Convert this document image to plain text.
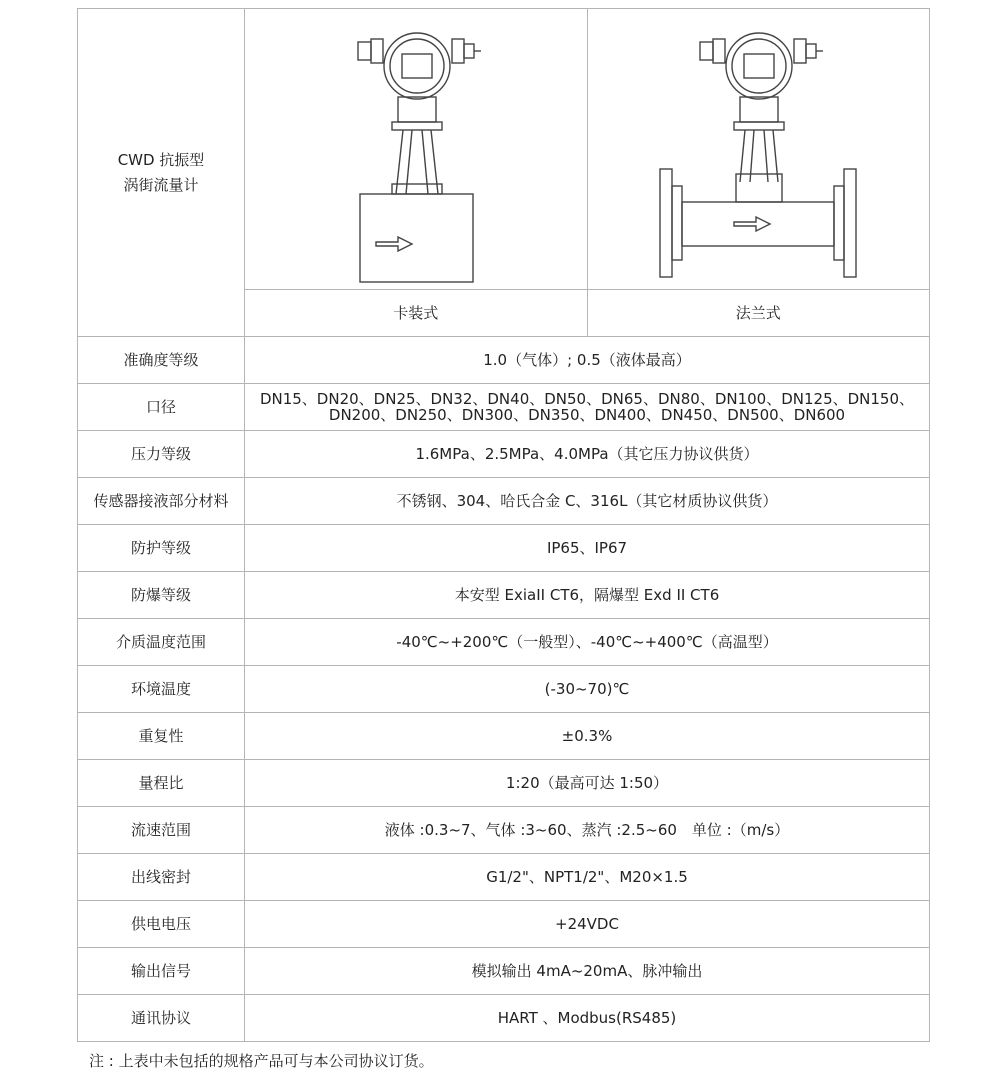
CWD 抗振型
涡街流量计

	卡装式	法兰式
准确度等级	1.0（气体）; 0.5（液体最高）	
口径	DN15、DN20、DN25、DN32、DN40、DN50、DN65、DN80、DN100、DN125、DN150、
DN200、DN250、DN300、DN350、DN400、DN450、DN500、DN600	

压力等级	1.6MPa、2.5MPa、4.0MPa（其它压力协议供货）	
传感器接液部分材料	不锈钢、304、哈氏合金 C、316L（其它材质协议供货）	
防护等级	IP65、IP67	
防爆等级	本安型 ExiaII CT6，隔爆型 Exd II CT6	
介质温度范围	-40℃~+200℃（一般型）、-40℃~+400℃（高温型）	
环境温度	(-30~70)℃	
重复性	±0.3%	
量程比	1:20（最高可达 1:50）	
流速范围	液体 :0.3~7、气体 :3~60、蒸汽 :2.5~60　单位 :（m/s）	
出线密封	G1/2"、NPT1/2"、M20×1.5	
供电电压	+24VDC	
输出信号	模拟输出 4mA~20mA、脉冲输出	
通讯协议	HART 、Modbus(RS485)	
注 : 上表中未包括的规格产品可与本公司协议订货。
